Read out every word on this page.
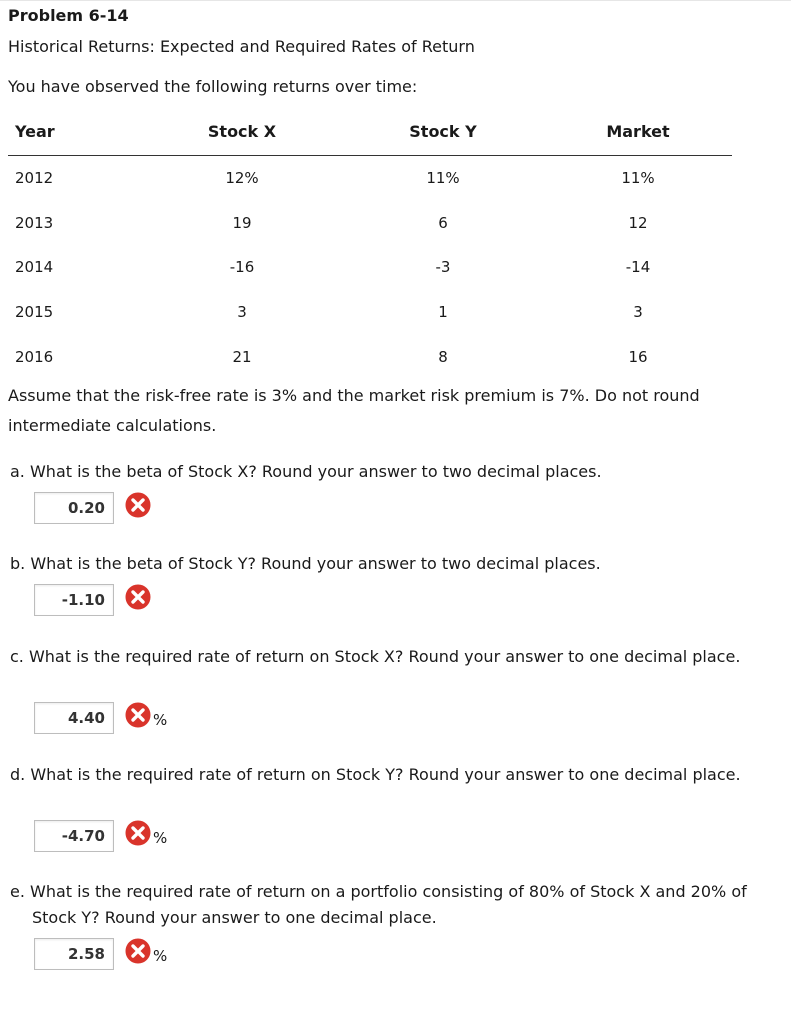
Problem 6-14
Historical Returns: Expected and Required Rates of Return
You have observed the following returns over time:
Year	Stock X	Stock Y	Market
2012	12%	11%	11%
2013	19	6	12
2014	-16	-3	-14
2015	3	1	3
2016	21	8	16
Assume that the risk-free rate is 3% and the market risk premium is 7%. Do not round intermediate calculations.
a. What is the beta of Stock X? Round your answer to two decimal places.
0.20
b. What is the beta of Stock Y? Round your answer to two decimal places.
-1.10
c. What is the required rate of return on Stock X? Round your answer to one decimal place.
4.40	%
d. What is the required rate of return on Stock Y? Round your answer to one decimal place.
-4.70	%
e. What is the required rate of return on a portfolio consisting of 80% of Stock X and 20% of Stock Y? Round your answer to one decimal place.
2.58	%
